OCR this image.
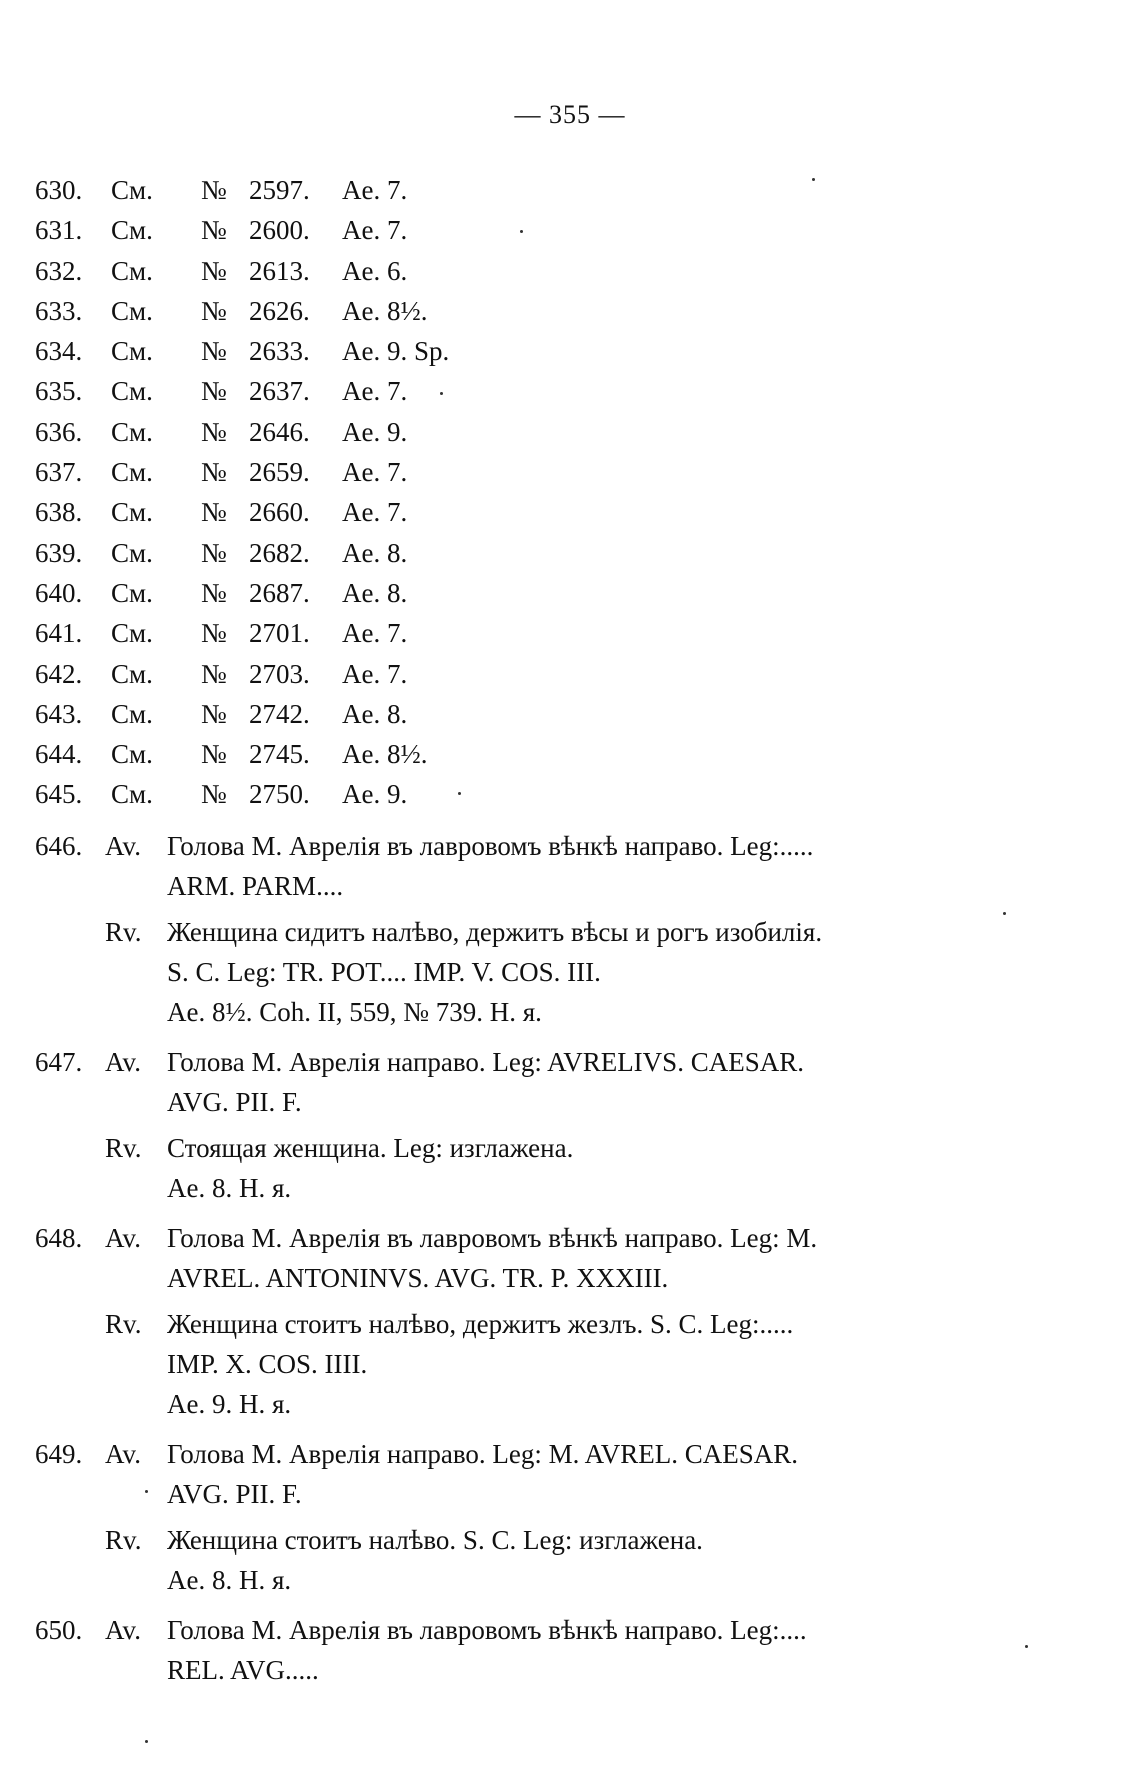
— 355 —
630. См. № 2597. Ae. 7.
631. См. № 2600. Ae. 7.
632. См. № 2613. Ae. 6.
633. См. № 2626. Ae. 8½.
634. См. № 2633. Ae. 9. Sp.
635. См. № 2637. Ae. 7.
636. См. № 2646. Ae. 9.
637. См. № 2659. Ae. 7.
638. См. № 2660. Ae. 7.
639. См. № 2682. Ae. 8.
640. См. № 2687. Ae. 8.
641. См. № 2701. Ae. 7.
642. См. № 2703. Ae. 7.
643. См. № 2742. Ae. 8.
644. См. № 2745. Ae. 8½.
645. См. № 2750. Ae. 9.
646. Av. Голова М. Аврелія въ лавровомъ вѣнкѣ направо. Leg:.....
ARM. PARM....
Rv. Женщина сидитъ налѣво, держитъ вѣсы и рогъ изобилія.
S. C. Leg: TR. POT.... IMP. V. COS. III.
Ae. 8½. Coh. II, 559, № 739. Н. я.
647. Av. Голова М. Аврелія направо. Leg: AVRELIVS. CAESAR.
AVG. PII. F.
Rv. Стоящая женщина. Leg: изглажена.
Ae. 8. Н. я.
648. Av. Голова М. Аврелія въ лавровомъ вѣнкѣ направо. Leg: M.
AVREL. ANTONINVS. AVG. TR. P. XXXIII.
Rv. Женщина стоитъ налѣво, держитъ жезлъ. S. C. Leg:.....
IMP. X. COS. IIII.
Ae. 9. Н. я.
649. Av. Голова М. Аврелія направо. Leg: M. AVREL. CAESAR.
AVG. PII. F.
Rv. Женщина стоитъ налѣво. S. C. Leg: изглажена.
Ae. 8. Н. я.
650. Av. Голова М. Аврелія въ лавровомъ вѣнкѣ направо. Leg:....
REL. AVG.....
